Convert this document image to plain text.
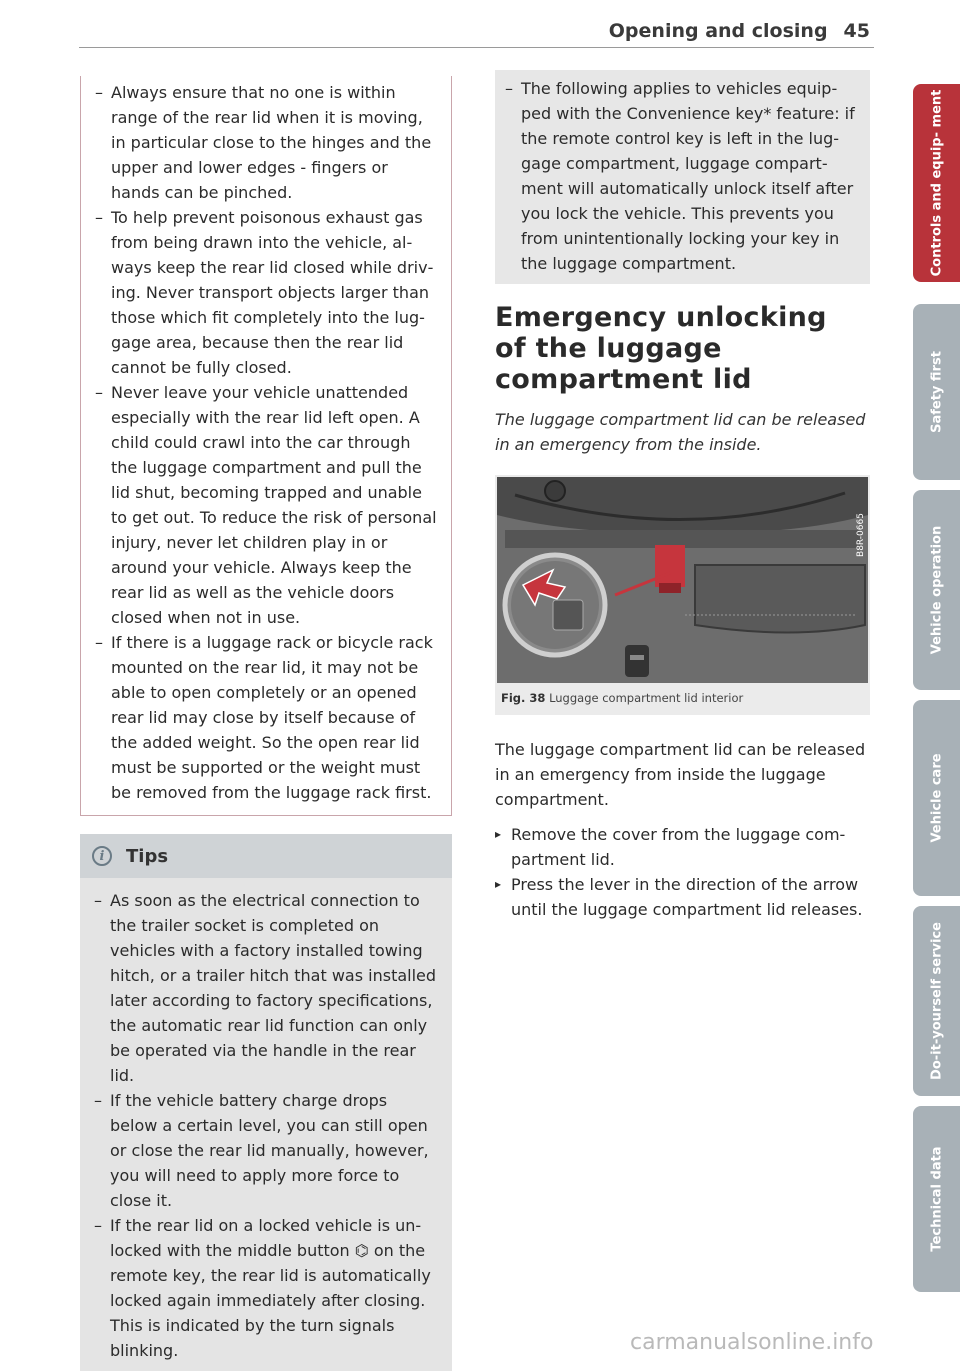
Opening and closing 45
– Always ensure that no one is within range of the rear lid when it is moving, in particular close to the hinges and the upper and lower edges - fingers or hands can be pinched.
– To help prevent poisonous exhaust gas from being drawn into the vehicle, always keep the rear lid closed while driving. Never transport objects larger than those which fit completely into the luggage area, because then the rear lid cannot be fully closed.
– Never leave your vehicle unattended especially with the rear lid left open. A child could crawl into the car through the luggage compartment and pull the lid shut, becoming trapped and unable to get out. To reduce the risk of personal injury, never let children play in or around your vehicle. Always keep the rear lid as well as the vehicle doors closed when not in use.
– If there is a luggage rack or bicycle rack mounted on the rear lid, it may not be able to open completely or an opened rear lid may close by itself because of the added weight. So the open rear lid must be supported or the weight must be removed from the luggage rack first.
i	Tips
– As soon as the electrical connection to the trailer socket is completed on vehicles with a factory installed towing hitch, or a trailer hitch that was installed later according to factory specifications, the automatic rear lid function can only be operated via the handle in the rear lid.
– If the vehicle battery charge drops below a certain level, you can still open or close the rear lid manually, however, you will need to apply more force to close it.
– If the rear lid on a locked vehicle is unlocked with the middle button ⌬ on the remote key, the rear lid is automatically locked again immediately after closing. This is indicated by the turn signals blinking.
– The following applies to vehicles equipped with the Convenience key* feature: if the remote control key is left in the luggage compartment, luggage compartment will automatically unlock itself after you lock the vehicle. This prevents you from unintentionally locking your key in the luggage compartment.
Emergency unlocking
of the luggage
compartment lid
The luggage compartment lid can be released in an emergency from the inside.
B8R-0665
Fig. 38 Luggage compartment lid interior
The luggage compartment lid can be released in an emergency from inside the luggage compartment.
▸ Remove the cover from the luggage compartment lid.
▸ Press the lever in the direction of the arrow until the luggage compartment lid releases.
Controls and equip- ment
Safety first
Vehicle operation
Vehicle care
Do-it-yourself service
Technical data
carmanualsonline.info
